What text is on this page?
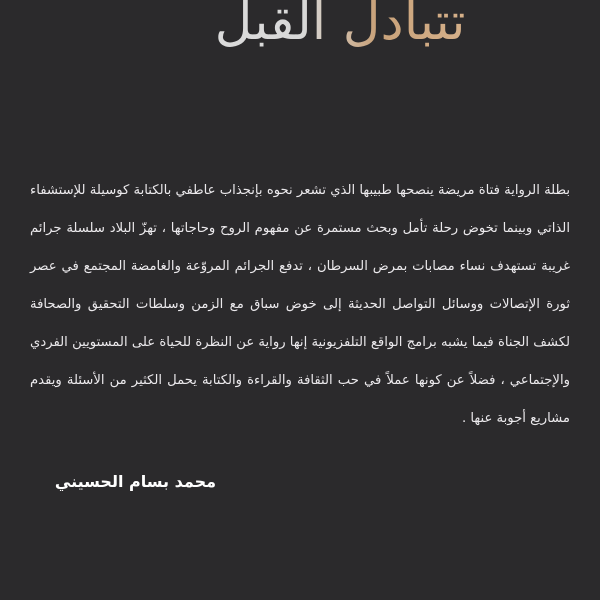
تتبادل القبل

بطلة الرواية فتاة مريضة ينصحها طبيبها الذي تشعر نحوه بإنجذاب عاطفي بالكتابة كوسيلة للإستشفاء الذاتي وبينما تخوض رحلة تأمل وبحث مستمرة عن مفهوم الروح وحاجاتها ، تهزّ البلاد سلسلة جرائم غريبة تستهدف نساء مصابات بمرض السرطان ، تدفع الجرائم المروّعة والغامضة المجتمع في عصر ثورة الإتصالات ووسائل التواصل الحديثة إلى خوض سباق مع الزمن وسلطات التحقيق والصحافة لكشف الجناة فيما يشبه برامج الواقع التلفزيونية إنها رواية عن النظرة للحياة على المستويين الفردي والإجتماعي ، فضلاً عن كونها عملاً في حب الثقافة والقراءة والكتابة يحمل الكثير من الأسئلة ويقدم مشاريع أجوبة عنها .

محمد بسام الحسيني
